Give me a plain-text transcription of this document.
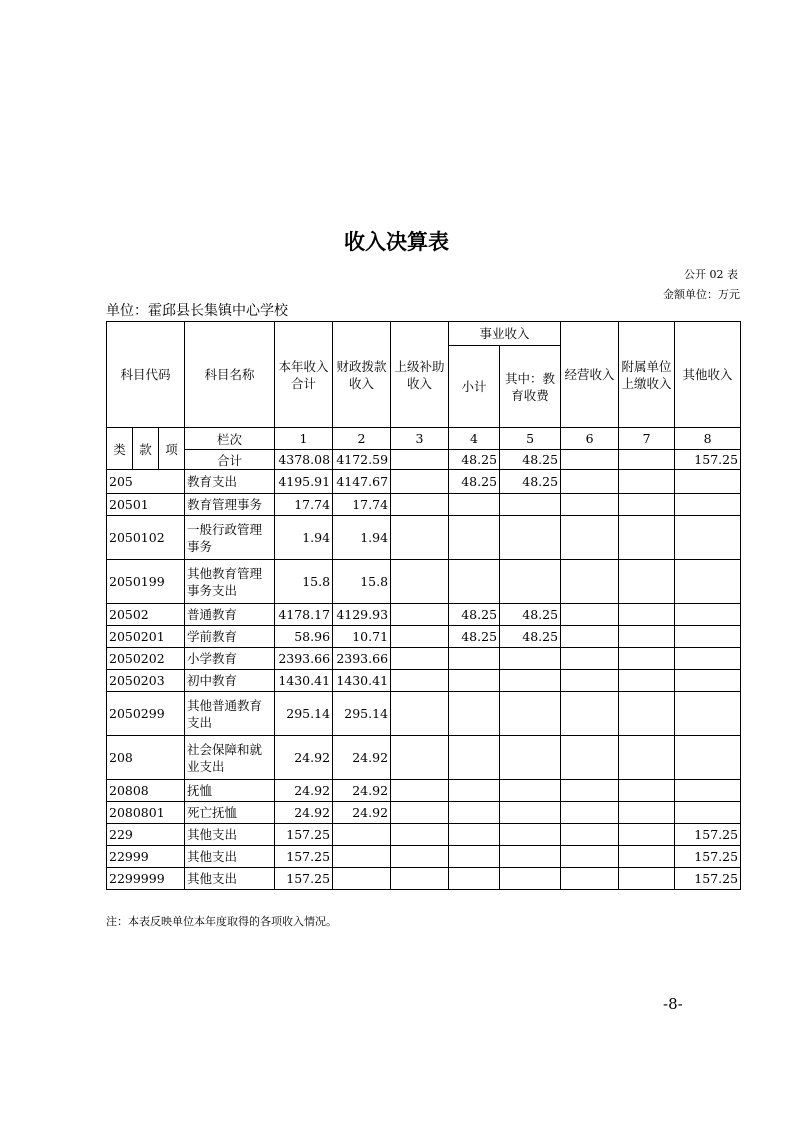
收入决算表
公开 02 表
金额单位：万元
单位：霍邱县长集镇中心学校
科目代码			科目名称	本年收入合计	财政拨款收入	上级补助收入	事业收入		经营收入	附属单位上缴收入	其他收入
							小计	其中：教育收费			
类	款	项	栏次	1	2	3	4	5	6	7	8
			合计	4378.08	4172.59		48.25	48.25			157.25
205			教育支出	4195.91	4147.67		48.25	48.25			
20501			教育管理事务	17.74	17.74						
2050102			一般行政管理事务	1.94	1.94						
2050199			其他教育管理事务支出	15.8	15.8						
20502			普通教育	4178.17	4129.93		48.25	48.25			
2050201			学前教育	58.96	10.71		48.25	48.25			
2050202			小学教育	2393.66	2393.66						
2050203			初中教育	1430.41	1430.41						
2050299			其他普通教育支出	295.14	295.14						
208			社会保障和就业支出	24.92	24.92						
20808			抚恤	24.92	24.92						
2080801			死亡抚恤	24.92	24.92						
229			其他支出	157.25							157.25
22999			其他支出	157.25							157.25
2299999			其他支出	157.25							157.25
注：本表反映单位本年度取得的各项收入情况。
-8-
